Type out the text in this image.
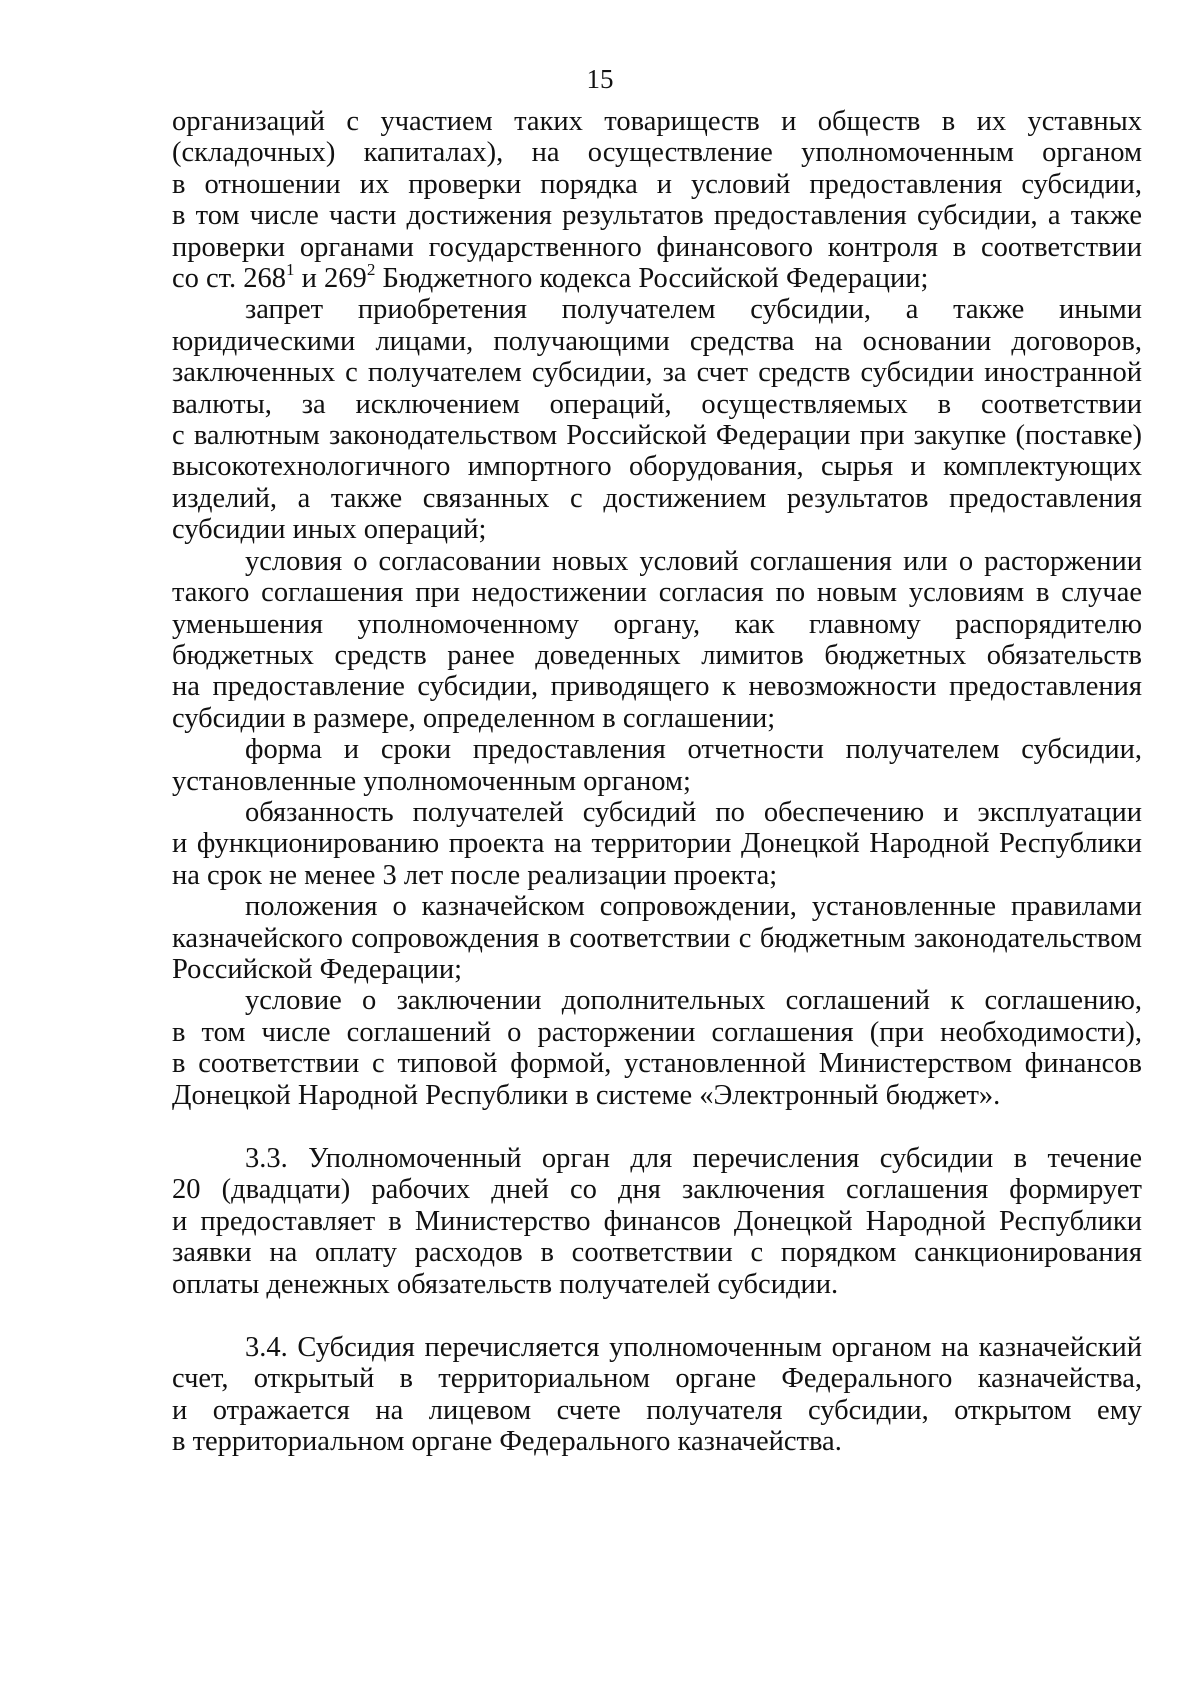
15

организаций с участием таких товариществ и обществ в их уставных
(складочных) капиталах), на осуществление уполномоченным органом
в отношении их проверки порядка и условий предоставления субсидии,
в том числе части достижения результатов предоставления субсидии, а также
проверки органами государственного финансового контроля в соответствии
со ст. $268^1$ и $269^2$ Бюджетного кодекса Российской Федерации;

запрет приобретения получателем субсидии, а также иными
юридическими лицами, получающими средства на основании договоров,
заключенных с получателем субсидии, за счет средств субсидии иностранной
валюты, за исключением операций, осуществляемых в соответствии
с валютным законодательством Российской Федерации при закупке (поставке)
высокотехнологичного импортного оборудования, сырья и комплектующих
изделий, а также связанных с достижением результатов предоставления
субсидии иных операций;

условия о согласовании новых условий соглашения или о расторжении
такого соглашения при недостижении согласия по новым условиям в случае
уменьшения уполномоченному органу, как главному распорядителю
бюджетных средств ранее доведенных лимитов бюджетных обязательств
на предоставление субсидии, приводящего к невозможности предоставления
субсидии в размере, определенном в соглашении;

форма и сроки предоставления отчетности получателем субсидии,
установленные уполномоченным органом;

обязанность получателей субсидий по обеспечению и эксплуатации
и функционированию проекта на территории Донецкой Народной Республики
на срок не менее 3 лет после реализации проекта;

положения о казначейском сопровождении, установленные правилами
казначейского сопровождения в соответствии с бюджетным законодательством
Российской Федерации;

условие о заключении дополнительных соглашений к соглашению,
в том числе соглашений о расторжении соглашения (при необходимости),
в соответствии с типовой формой, установленной Министерством финансов
Донецкой Народной Республики в системе «Электронный бюджет».

3.3. Уполномоченный орган для перечисления субсидии в течение
20 (двадцати) рабочих дней со дня заключения соглашения формирует
и предоставляет в Министерство финансов Донецкой Народной Республики
заявки на оплату расходов в соответствии с порядком санкционирования
оплаты денежных обязательств получателей субсидии.

3.4. Субсидия перечисляется уполномоченным органом на казначейский
счет, открытый в территориальном органе Федерального казначейства,
и отражается на лицевом счете получателя субсидии, открытом ему
в территориальном органе Федерального казначейства.
